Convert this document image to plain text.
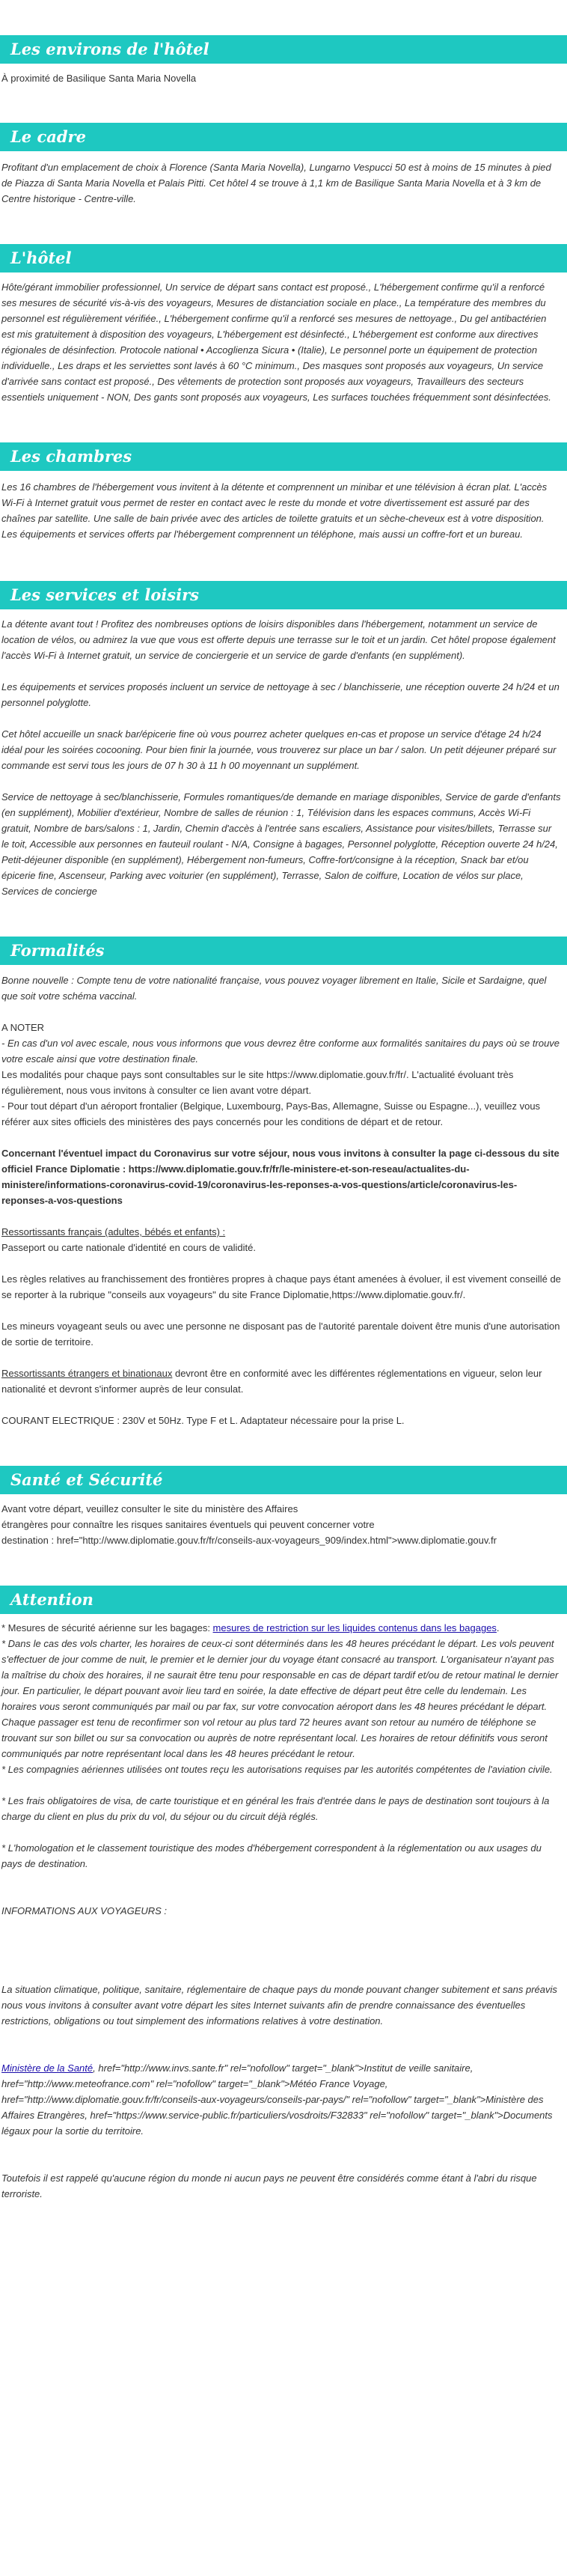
Les environs de l'hôtel

À proximité de Basilique Santa Maria Novella

Le cadre

Profitant d'un emplacement de choix à Florence (Santa Maria Novella), Lungarno Vespucci 50 est à moins de 15 minutes à pied de Piazza di Santa Maria Novella et Palais Pitti. Cet hôtel 4 se trouve à 1,1 km de Basilique Santa Maria Novella et à 3 km de Centre historique - Centre-ville.

L'hôtel

Hôte/gérant immobilier professionnel, Un service de départ sans contact est proposé., L'hébergement confirme qu'il a renforcé ses mesures de sécurité vis-à-vis des voyageurs, Mesures de distanciation sociale en place., La température des membres du personnel est régulièrement vérifiée., L'hébergement confirme qu'il a renforcé ses mesures de nettoyage., Du gel antibactérien est mis gratuitement à disposition des voyageurs, L'hébergement est désinfecté., L'hébergement est conforme aux directives régionales de désinfection. Protocole national • Accoglienza Sicura • (Italie), Le personnel porte un équipement de protection individuelle., Les draps et les serviettes sont lavés à 60 °C minimum., Des masques sont proposés aux voyageurs, Un service d'arrivée sans contact est proposé., Des vêtements de protection sont proposés aux voyageurs, Travailleurs des secteurs essentiels uniquement - NON, Des gants sont proposés aux voyageurs, Les surfaces touchées fréquemment sont désinfectées.

Les chambres

Les 16 chambres de l'hébergement vous invitent à la détente et comprennent un minibar et une télévision à écran plat. L'accès Wi-Fi à Internet gratuit vous permet de rester en contact avec le reste du monde et votre divertissement est assuré par des chaînes par satellite. Une salle de bain privée avec des articles de toilette gratuits et un sèche-cheveux est à votre disposition. Les équipements et services offerts par l'hébergement comprennent un téléphone, mais aussi un coffre-fort et un bureau.

Les services et loisirs

La détente avant tout ! Profitez des nombreuses options de loisirs disponibles dans l'hébergement, notamment un service de location de vélos, ou admirez la vue que vous est offerte depuis une terrasse sur le toit et un jardin. Cet hôtel propose également l'accès Wi-Fi à Internet gratuit, un service de conciergerie et un service de garde d'enfants (en supplément).

Les équipements et services proposés incluent un service de nettoyage à sec / blanchisserie, une réception ouverte 24 h/24 et un personnel polyglotte.

Cet hôtel accueille un snack bar/épicerie fine où vous pourrez acheter quelques en-cas et propose un service d'étage 24 h/24 idéal pour les soirées cocooning. Pour bien finir la journée, vous trouverez sur place un bar / salon. Un petit déjeuner préparé sur commande est servi tous les jours de 07 h 30 à 11 h 00 moyennant un supplément.

Service de nettoyage à sec/blanchisserie, Formules romantiques/de demande en mariage disponibles, Service de garde d'enfants (en supplément), Mobilier d'extérieur, Nombre de salles de réunion : 1, Télévision dans les espaces communs, Accès Wi-Fi gratuit, Nombre de bars/salons : 1, Jardin, Chemin d'accès à l'entrée sans escaliers, Assistance pour visites/billets, Terrasse sur le toit, Accessible aux personnes en fauteuil roulant - N/A, Consigne à bagages, Personnel polyglotte, Réception ouverte 24 h/24, Petit-déjeuner disponible (en supplément), Hébergement non-fumeurs, Coffre-fort/consigne à la réception, Snack bar et/ou épicerie fine, Ascenseur, Parking avec voiturier (en supplément), Terrasse, Salon de coiffure, Location de vélos sur place, Services de concierge

Formalités

Bonne nouvelle : Compte tenu de votre nationalité française, vous pouvez voyager librement en Italie, Sicile et Sardaigne, quel que soit votre schéma vaccinal.

A NOTER

- En cas d'un vol avec escale, nous vous informons que vous devrez être conforme aux formalités sanitaires du pays où se trouve votre escale ainsi que votre destination finale.

Les modalités pour chaque pays sont consultables sur le site https://www.diplomatie.gouv.fr/fr/. L'actualité évoluant très régulièrement, nous vous invitons à consulter ce lien avant votre départ.

- Pour tout départ d'un aéroport frontalier (Belgique, Luxembourg, Pays-Bas, Allemagne, Suisse ou Espagne...), veuillez vous référer aux sites officiels des ministères des pays concernés pour les conditions de départ et de retour.

Concernant l'éventuel impact du Coronavirus sur votre séjour, nous vous invitons à consulter la page ci-dessous du site officiel France Diplomatie : https://www.diplomatie.gouv.fr/fr/le-ministere-et-son-reseau/actualites-du-ministere/informations-coronavirus-covid-19/coronavirus-les-reponses-a-vos-questions/article/coronavirus-les-reponses-a-vos-questions

Ressortissants français (adultes, bébés et enfants) :

Passeport ou carte nationale d'identité en cours de validité.

Les règles relatives au franchissement des frontières propres à chaque pays étant amenées à évoluer, il est vivement conseillé de se reporter à la rubrique "conseils aux voyageurs" du site France Diplomatie,https://www.diplomatie.gouv.fr/.

Les mineurs voyageant seuls ou avec une personne ne disposant pas de l'autorité parentale doivent être munis d'une autorisation de sortie de territoire.

Ressortissants étrangers et binationaux devront être en conformité avec les différentes réglementations en vigueur, selon leur nationalité et devront s'informer auprès de leur consulat.

COURANT ELECTRIQUE : 230V et 50Hz. Type F et L. Adaptateur nécessaire pour la prise L.

Santé et Sécurité

Avant votre départ, veuillez consulter le site du ministère des Affaires

étrangères pour connaître les risques sanitaires éventuels qui peuvent concerner votre

destination : href="http://www.diplomatie.gouv.fr/fr/conseils-aux-voyageurs_909/index.html">www.diplomatie.gouv.fr

Attention

* Mesures de sécurité aérienne sur les bagages: mesures de restriction sur les liquides contenus dans les bagages.

* Dans le cas des vols charter, les horaires de ceux-ci sont déterminés dans les 48 heures précédant le départ. Les vols peuvent s'effectuer de jour comme de nuit, le premier et le dernier jour du voyage étant consacré au transport. L'organisateur n'ayant pas la maîtrise du choix des horaires, il ne saurait être tenu pour responsable en cas de départ tardif et/ou de retour matinal le dernier jour. En particulier, le départ pouvant avoir lieu tard en soirée, la date effective de départ peut être celle du lendemain. Les horaires vous seront communiqués par mail ou par fax, sur votre convocation aéroport dans les 48 heures précédant le départ. Chaque passager est tenu de reconfirmer son vol retour au plus tard 72 heures avant son retour au numéro de téléphone se trouvant sur son billet ou sur sa convocation ou auprès de notre représentant local. Les horaires de retour définitifs vous seront communiqués par notre représentant local dans les 48 heures précédant le retour.

* Les compagnies aériennes utilisées ont toutes reçu les autorisations requises par les autorités compétentes de l'aviation civile.

* Les frais obligatoires de visa, de carte touristique et en général les frais d'entrée dans le pays de destination sont toujours à la charge du client en plus du prix du vol, du séjour ou du circuit déjà réglés.

* L'homologation et le classement touristique des modes d'hébergement correspondent à la réglementation ou aux usages du pays de destination.

INFORMATIONS AUX VOYAGEURS :

La situation climatique, politique, sanitaire, réglementaire de chaque pays du monde pouvant changer subitement et sans préavis

nous vous invitons à consulter avant votre départ les sites Internet suivants afin de prendre connaissance des éventuelles restrictions, obligations ou tout simplement des informations relatives à votre destination.

Ministère de la Santé, href="http://www.invs.sante.fr" rel="nofollow" target="_blank">Institut de veille sanitaire, href="http://www.meteofrance.com" rel="nofollow" target="_blank">Météo France Voyage, href="http://www.diplomatie.gouv.fr/fr/conseils-aux-voyageurs/conseils-par-pays/" rel="nofollow" target="_blank">Ministère des Affaires Etrangères, href="https://www.service-public.fr/particuliers/vosdroits/F32833" rel="nofollow" target="_blank">Documents légaux pour la sortie du territoire.

Toutefois il est rappelé qu'aucune région du monde ni aucun pays ne peuvent être considérés comme étant à l'abri du risque terroriste.
